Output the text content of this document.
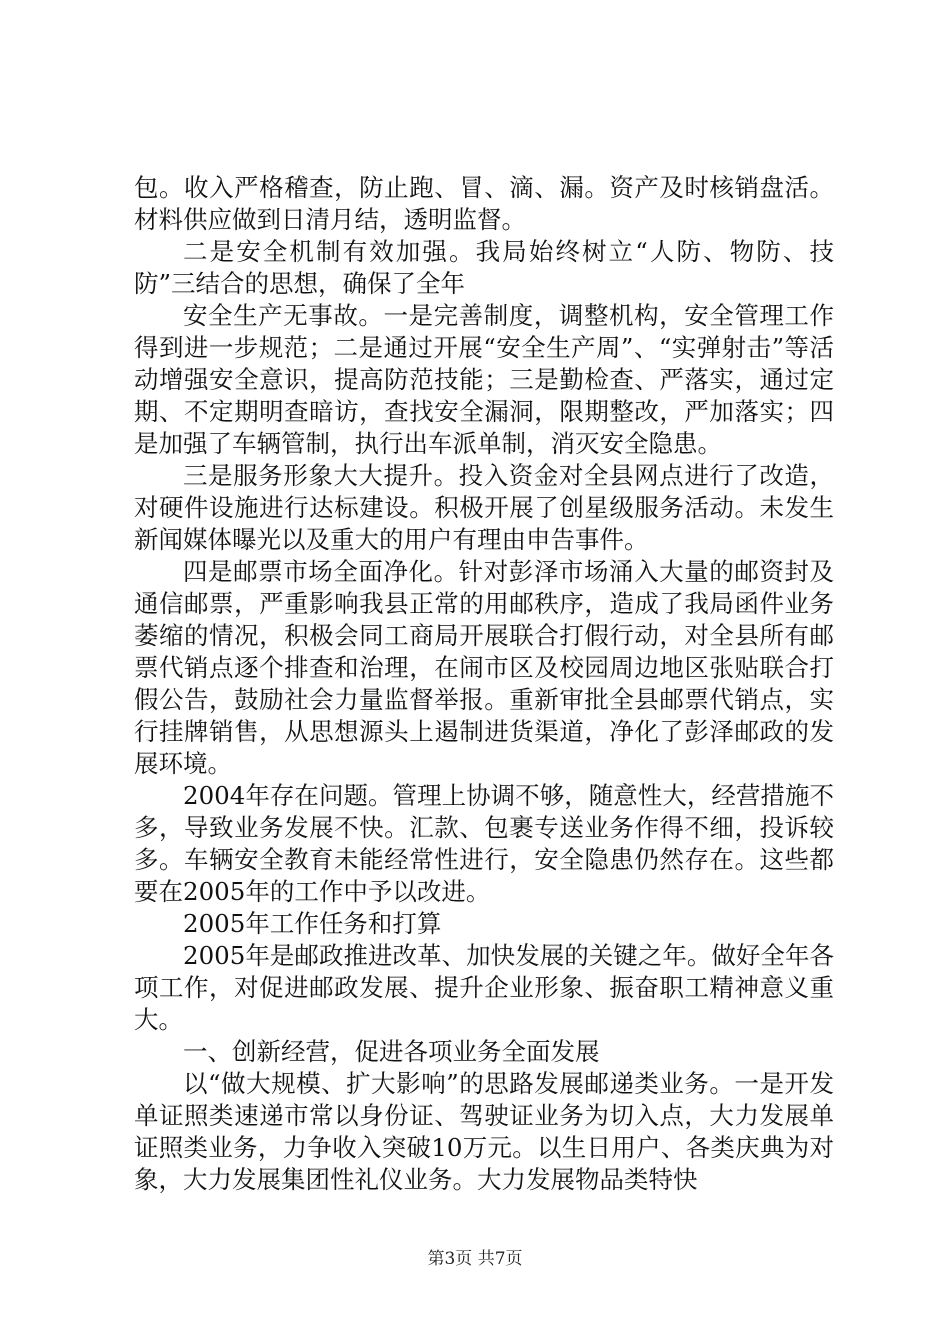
包。收入严格稽查，防止跑、冒、滴、漏。资产及时核销盘活。材料供应做到日清月结，透明监督。

二是安全机制有效加强。我局始终树立“人防、物防、技防”三结合的思想，确保了全年

安全生产无事故。一是完善制度，调整机构，安全管理工作得到进一步规范；二是通过开展“安全生产周”、“实弹射击”等活动增强安全意识，提高防范技能；三是勤检查、严落实，通过定期、不定期明查暗访，查找安全漏洞，限期整改，严加落实；四是加强了车辆管制，执行出车派单制，消灭安全隐患。

三是服务形象大大提升。投入资金对全县网点进行了改造，对硬件设施进行达标建设。积极开展了创星级服务活动。未发生新闻媒体曝光以及重大的用户有理由申告事件。

四是邮票市场全面净化。针对彭泽市场涌入大量的邮资封及通信邮票，严重影响我县正常的用邮秩序，造成了我局函件业务萎缩的情况，积极会同工商局开展联合打假行动，对全县所有邮票代销点逐个排查和治理，在闹市区及校园周边地区张贴联合打假公告，鼓励社会力量监督举报。重新审批全县邮票代销点，实行挂牌销售，从思想源头上遏制进货渠道，净化了彭泽邮政的发展环境。

2004年存在问题。管理上协调不够，随意性大，经营措施不多，导致业务发展不快。汇款、包裹专送业务作得不细，投诉较多。车辆安全教育未能经常性进行，安全隐患仍然存在。这些都要在2005年的工作中予以改进。

2005年工作任务和打算

2005年是邮政推进改革、加快发展的关键之年。做好全年各项工作，对促进邮政发展、提升企业形象、振奋职工精神意义重大。

一、创新经营，促进各项业务全面发展

以“做大规模、扩大影响”的思路发展邮递类业务。一是开发单证照类速递市常以身份证、驾驶证业务为切入点，大力发展单证照类业务，力争收入突破10万元。以生日用户、各类庆典为对象，大力发展集团性礼仪业务。大力发展物品类特快

第3页 共7页
